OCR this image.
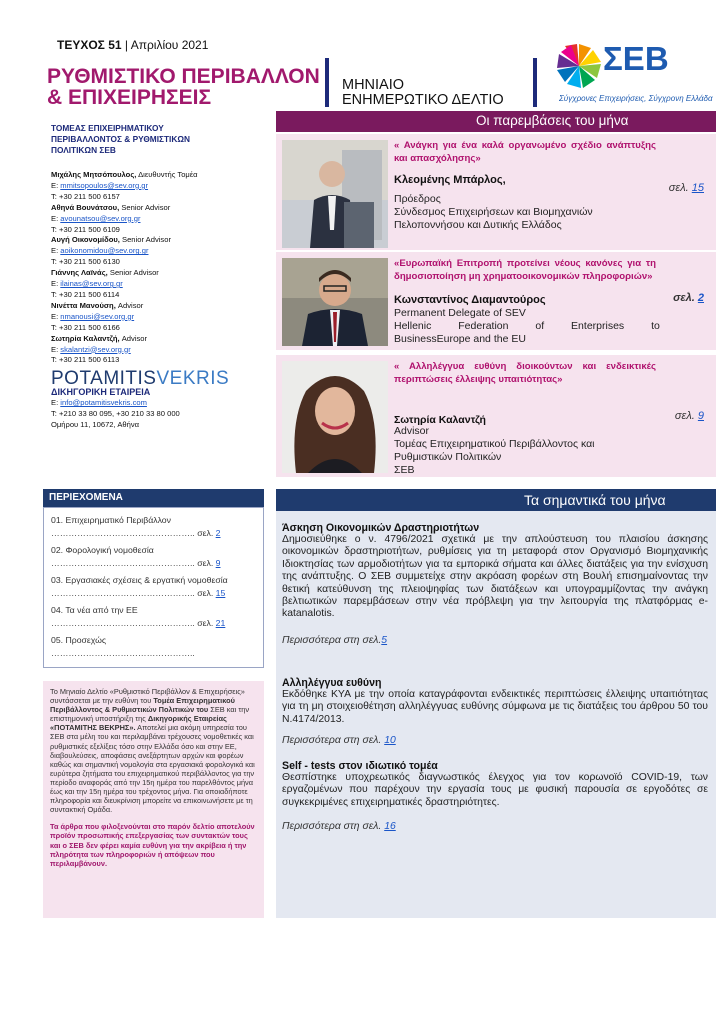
ΤΕΥΧΟΣ 51 | Απριλίου 2021
ΡΥΘΜΙΣΤΙΚΟ ΠΕΡΙΒΑΛΛΟΝ
& ΕΠΙΧΕΙΡΗΣΕΙΣ
ΜΗΝΙΑΙΟ
ΕΝΗΜΕΡΩΤΙΚΟ ΔΕΛΤΙΟ
ΣΕΒ
Σύγχρονες Επιχειρήσεις, Σύγχρονη Ελλάδα
ΤΟΜΕΑΣ ΕΠΙΧΕΙΡΗΜΑΤΙΚΟΥ
ΠΕΡΙΒΑΛΛΟΝΤΟΣ & ΡΥΘΜΙΣΤΙΚΩΝ
ΠΟΛΙΤΙΚΩΝ ΣΕΒ
Μιχάλης Μητσόπουλος, Διευθυντής Τομέα
E: mmitsopoulos@sev.org.gr
T: +30 211 500 6157
Αθηνά Βουνάτσου, Senior Advisor
E: avounatsou@sev.org.gr
T: +30 211 500 6109
Αυγή Οικονομίδου, Senior Advisor
E: aoikonomidou@sev.org.gr
T: +30 211 500 6130
Γιάννης Λαϊνάς, Senior Advisor
E: ilainas@sev.org.gr
T: +30 211 500 6114
Νινέττα Μανούση, Advisor
E: nmanousi@sev.org.gr
T: +30 211 500 6166
Σωτηρία Καλαντζή, Advisor
E: skalantzi@sev.org.gr
T: +30 211 500 6113
POTAMITISVEKRIS
ΔΙΚΗΓΟΡΙΚΗ ΕΤΑΙΡΕΙΑ
E: info@potamitisvekris.com
T: +210 33 80 095, +30 210 33 80 000
Ομήρου 11, 10672, Αθήνα
Οι παρεμβάσεις του μήνα
« Ανάγκη για ένα καλά οργανωμένο σχέδιο ανάπτυξης και απασχόλησης»
Κλεομένης Μπάρλος,
Πρόεδρος
Σύνδεσμος Επιχειρήσεων και Βιομηχανιών
Πελοποννήσου και Δυτικής Ελλάδος
σελ. 15
«Ευρωπαϊκή Επιτροπή προτείνει νέους κανόνες για τη δημοσιοποίηση μη χρηματοοικονομικών πληροφοριών»
Κωνσταντίνος Διαμαντούρος
Permanent Delegate of SEV
Hellenic Federation of Enterprises to
BusinessEurope and the EU
σελ. 2
« Αλληλέγγυα ευθύνη διοικούντων και ενδεικτικές περιπτώσεις έλλειψης υπαιτιότητας»
Σωτηρία Καλαντζή
Advisor
Τομέας Επιχειρηματικού Περιβάλλοντος και
Ρυθμιστικών Πολιτικών
ΣΕΒ
σελ. 9
ΠΕΡΙΕΧΟΜΕΝΑ
01. Επιχειρηματικό Περιβάλλον
………………………………………….. σελ. 2
02. Φορολογική νομοθεσία
………………………………………….. σελ. 9
03. Εργασιακές σχέσεις & εργατική νομοθεσία
………………………………………….. σελ. 15
04. Τα νέα από την ΕΕ
………………………………………….. σελ. 21
05. Προσεχώς
…………………………………………..
Το Μηνιαίο Δελτίο «Ρυθμιστικό Περιβάλλον & Επιχειρήσεις» συντάσσεται με την ευθύνη του Τομέα Επιχειρηματικού Περιβάλλοντος & Ρυθμιστικών Πολιτικών του ΣΕΒ και την επιστημονική υποστήριξη της Δικηγορικής Εταιρείας «ΠΟΤΑΜΙΤΗΣ ΒΕΚΡΗΣ». Αποτελεί μια ακόμη υπηρεσία του ΣΕΒ στα μέλη του και περιλαμβάνει τρέχουσες νομοθετικές και ρυθμιστικές εξελίξεις τόσο στην Ελλάδα όσο και στην ΕΕ, διαβουλεύσεις, αποφάσεις ανεξάρτητων αρχών και φορέων καθώς και σημαντική νομολογία στα εργασιακά φορολογικά και ευρύτερα ζητήματα του επιχειρηματικού περιβάλλοντος για την περίοδο αναφοράς από την 15η ημέρα του παρελθόντος μήνα έως και την 15η ημέρα του τρέχοντος μήνα. Για οποιαδήποτε πληροφορία και διευκρίνιση μπορείτε να επικοινωνήσετε με τη συντακτική Ομάδα.
Τα άρθρα που φιλοξενούνται στο παρόν δελτίο αποτελούν προϊόν προσωπικής επεξεργασίας των συντακτών τους και ο ΣΕΒ δεν φέρει καμία ευθύνη για την ακρίβεια ή την πληρότητα των πληροφοριών ή απόψεων που περιλαμβάνουν.
Τα σημαντικά του μήνα
Άσκηση Οικονομικών Δραστηριοτήτων

Δημοσιεύθηκε ο ν. 4796/2021 σχετικά με την απλούστευση του πλαισίου άσκησης οικονομικών δραστηριοτήτων, ρυθμίσεις για τη μεταφορά στον Οργανισμό Βιομηχανικής Ιδιοκτησίας των αρμοδιοτήτων για τα εμπορικά σήματα και άλλες διατάξεις για την ενίσχυση της ανάπτυξης. Ο ΣΕΒ συμμετείχε στην ακρόαση φορέων στη Βουλή επισημαίνοντας την θετική κατεύθυνση της πλειοψηφίας των διατάξεων και υπογραμμίζοντας την ανάγκη βελτιωτικών παρεμβάσεων στην νέα πρόβλεψη για την λειτουργία της πλατφόρμας e-katanalotis.

Περισσότερα στη σελ.5
Αλληλέγγυα ευθύνη

Εκδόθηκε ΚΥΑ με την οποία καταγράφονται ενδεικτικές περιπτώσεις έλλειψης υπαιτιότητας για τη μη στοιχειοθέτηση αλληλέγγυας ευθύνης σύμφωνα με τις διατάξεις του άρθρου 50 του Ν.4174/2013.

Περισσότερα στη σελ. 10
Self - tests στον ιδιωτικό τομέα

Θεσπίστηκε υποχρεωτικός διαγνωστικός έλεγχος για τον κορωνοϊό COVID-19, των εργαζομένων που παρέχουν την εργασία τους με φυσική παρουσία σε εργοδότες σε συγκεκριμένες επιχειρηματικές δραστηριότητες.

Περισσότερα στη σελ. 16
